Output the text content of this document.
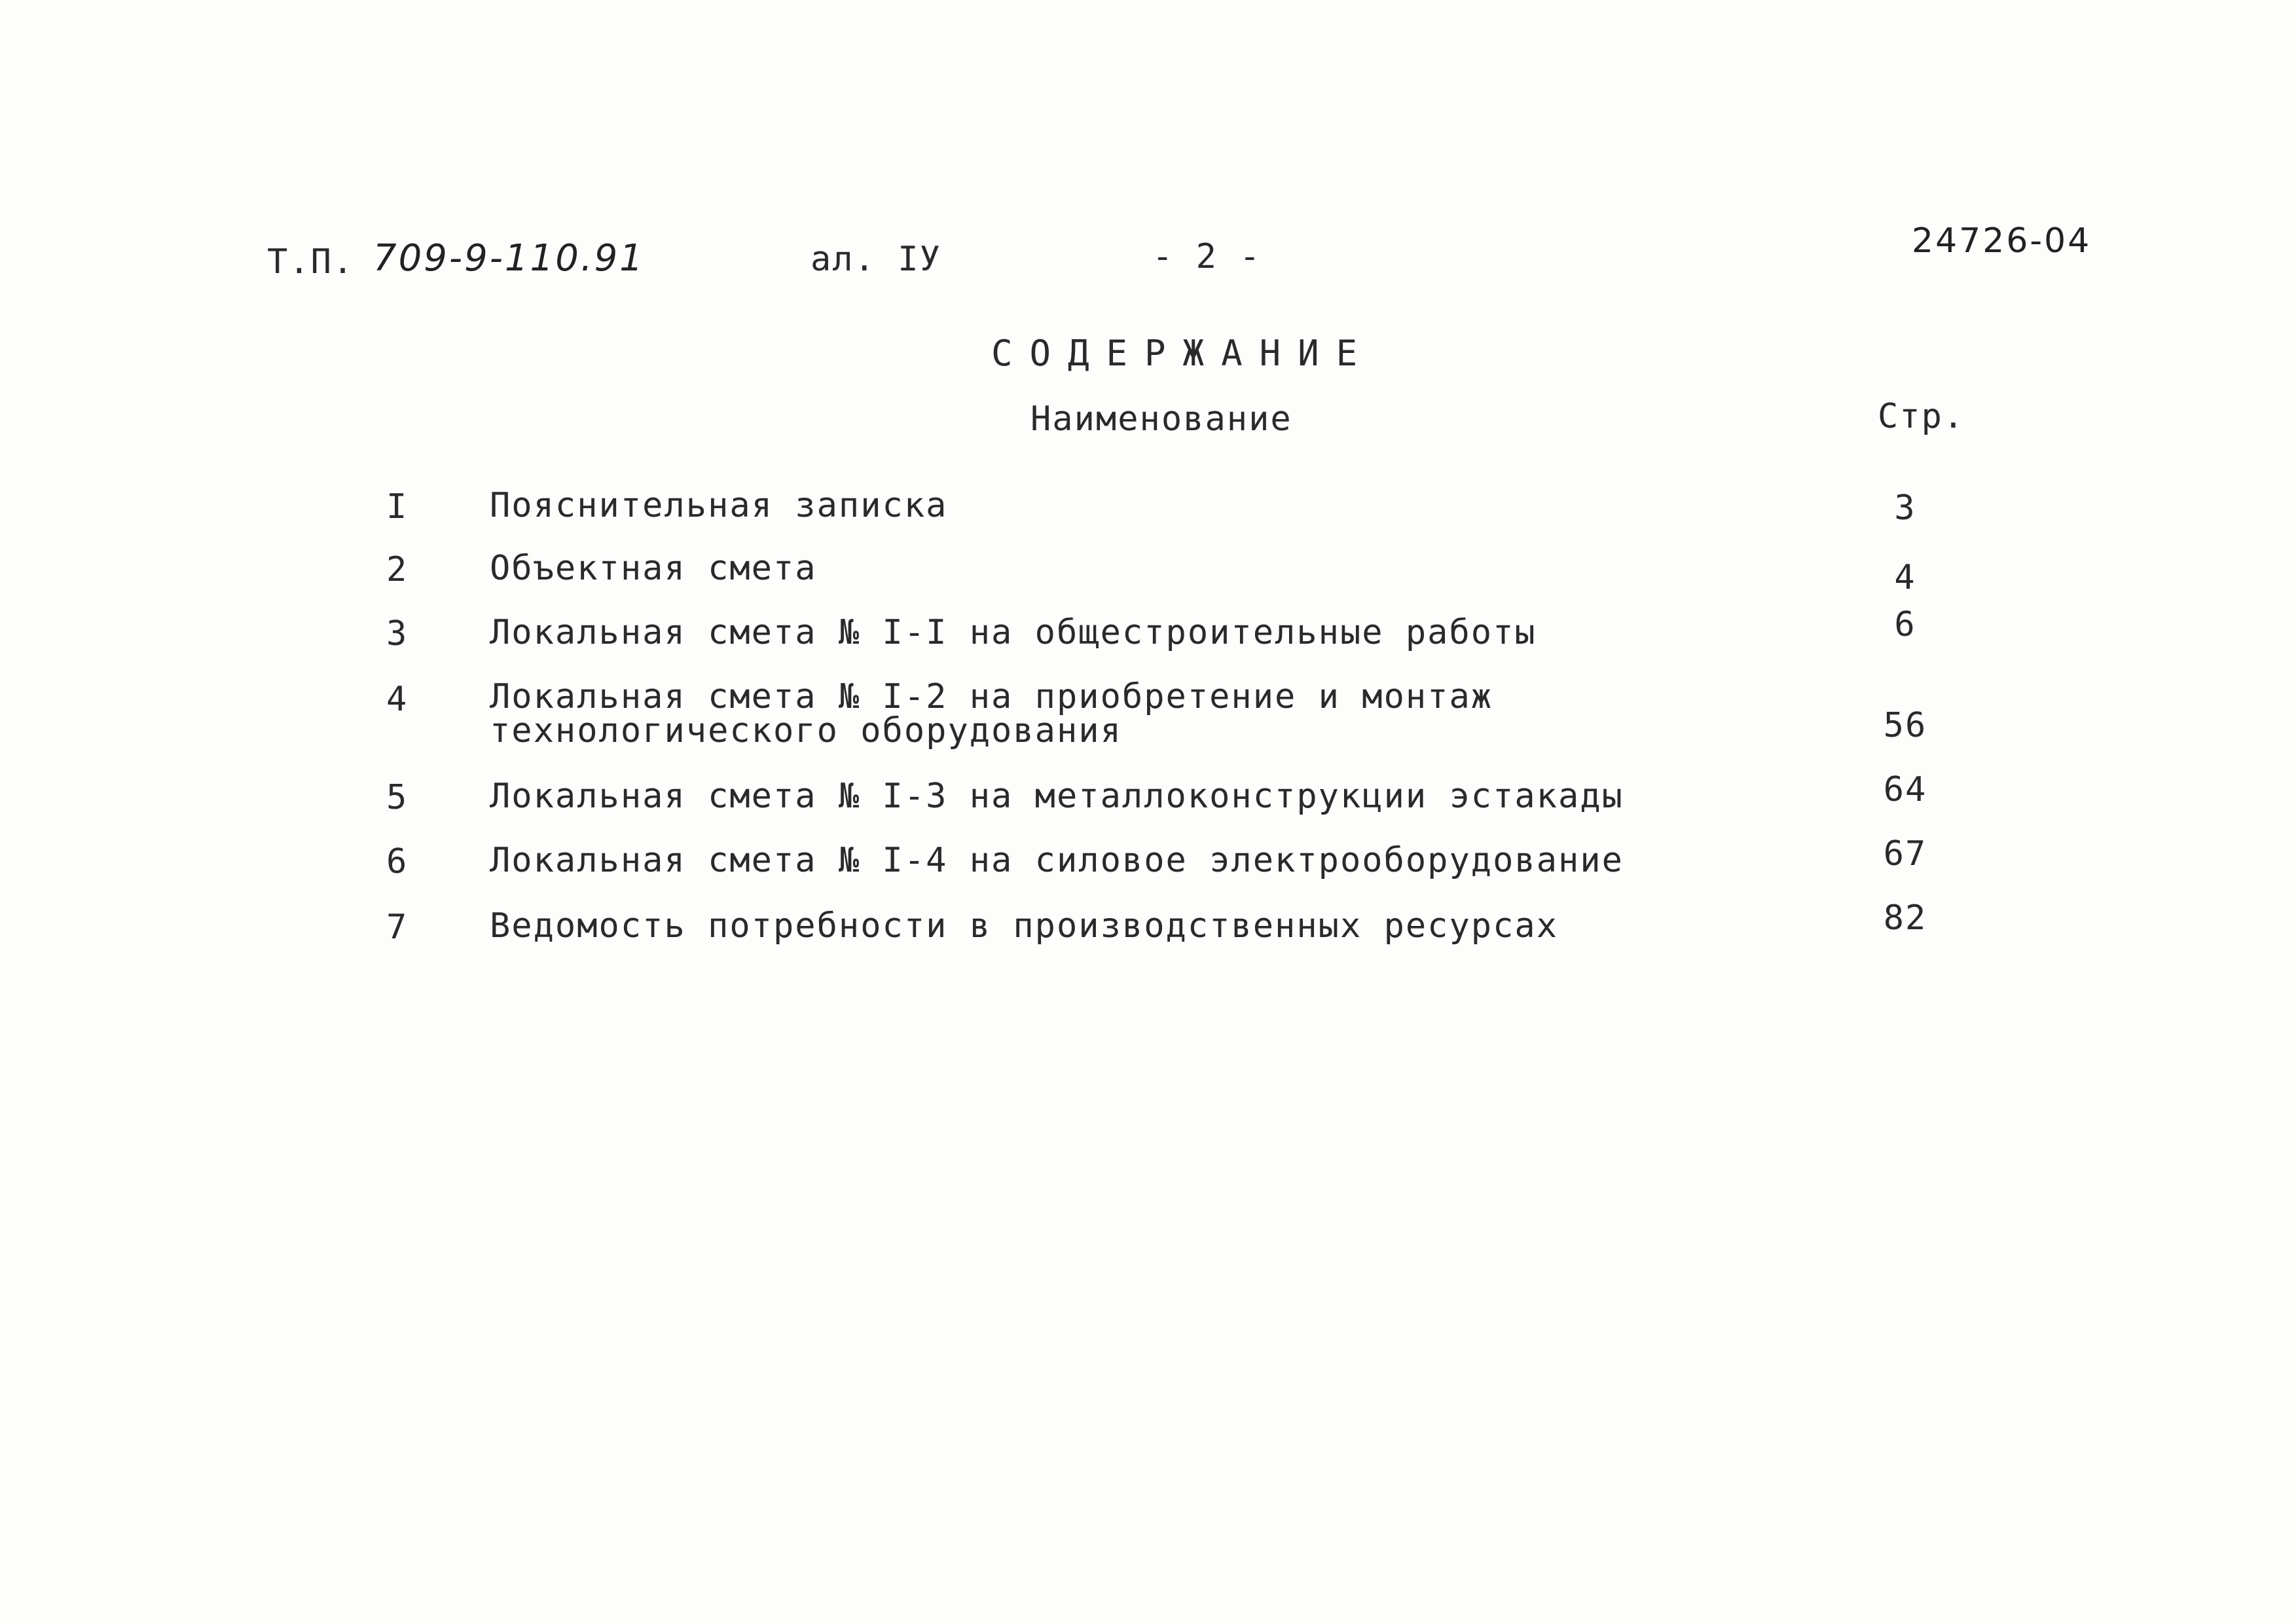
Т.П. 709-9-110.91	ал. IУ	- 2 -	24726-04
СОДЕРЖАНИЕ
Наименование	Стр.
I	Пояснительная записка	3
2	Объектная смета	4
3	Локальная смета № I-I на общестроительные работы	6
4	Локальная смета № I-2 на приобретение и монтаж
технологического оборудования	56
5	Локальная смета № I-3 на металлоконструкции эстакады	64
6	Локальная смета № I-4 на силовое электрооборудование	67
7	Ведомость потребности в производственных ресурсах	82
